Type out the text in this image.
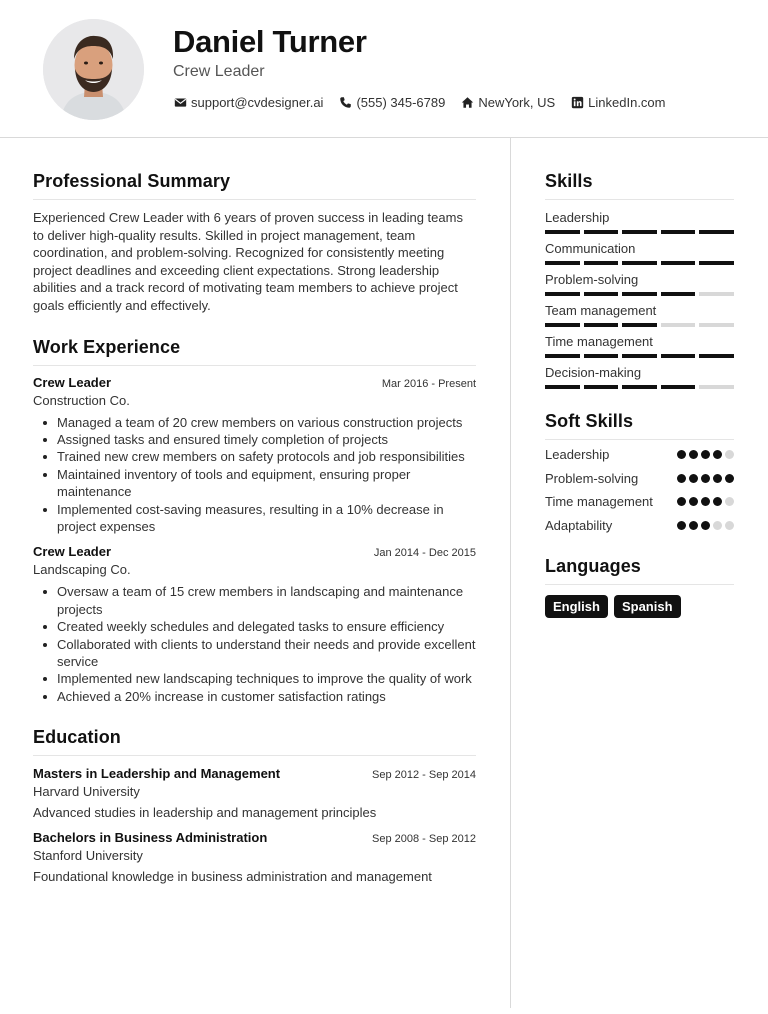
Daniel Turner
Crew Leader
support@cvdesigner.ai	(555) 345-6789	NewYork, US	LinkedIn.com
Professional Summary

Experienced Crew Leader with 6 years of proven success in leading teams to deliver high-quality results. Skilled in project management, team coordination, and problem-solving. Recognized for consistently meeting project deadlines and exceeding client expectations. Strong leadership abilities and a track record of motivating team members to achieve project goals efficiently and effectively.

Work Experience
Crew Leader	Mar 2016 - Present
Construction Co.
Managed a team of 20 crew members on various construction projects
Assigned tasks and ensured timely completion of projects
Trained new crew members on safety protocols and job responsibilities
Maintained inventory of tools and equipment, ensuring proper maintenance
Implemented cost-saving measures, resulting in a 10% decrease in project expenses
Crew Leader	Jan 2014 - Dec 2015
Landscaping Co.
Oversaw a team of 15 crew members in landscaping and maintenance projects
Created weekly schedules and delegated tasks to ensure efficiency
Collaborated with clients to understand their needs and provide excellent service
Implemented new landscaping techniques to improve the quality of work
Achieved a 20% increase in customer satisfaction ratings
Education
Masters in Leadership and Management	Sep 2012 - Sep 2014
Harvard University
Advanced studies in leadership and management principles
Bachelors in Business Administration	Sep 2008 - Sep 2012
Stanford University
Foundational knowledge in business administration and management
Skills
Leadership
Communication
Problem-solving
Team management
Time management
Decision-making
Soft Skills
Leadership
Problem-solving
Time management
Adaptability
Languages
English	Spanish
